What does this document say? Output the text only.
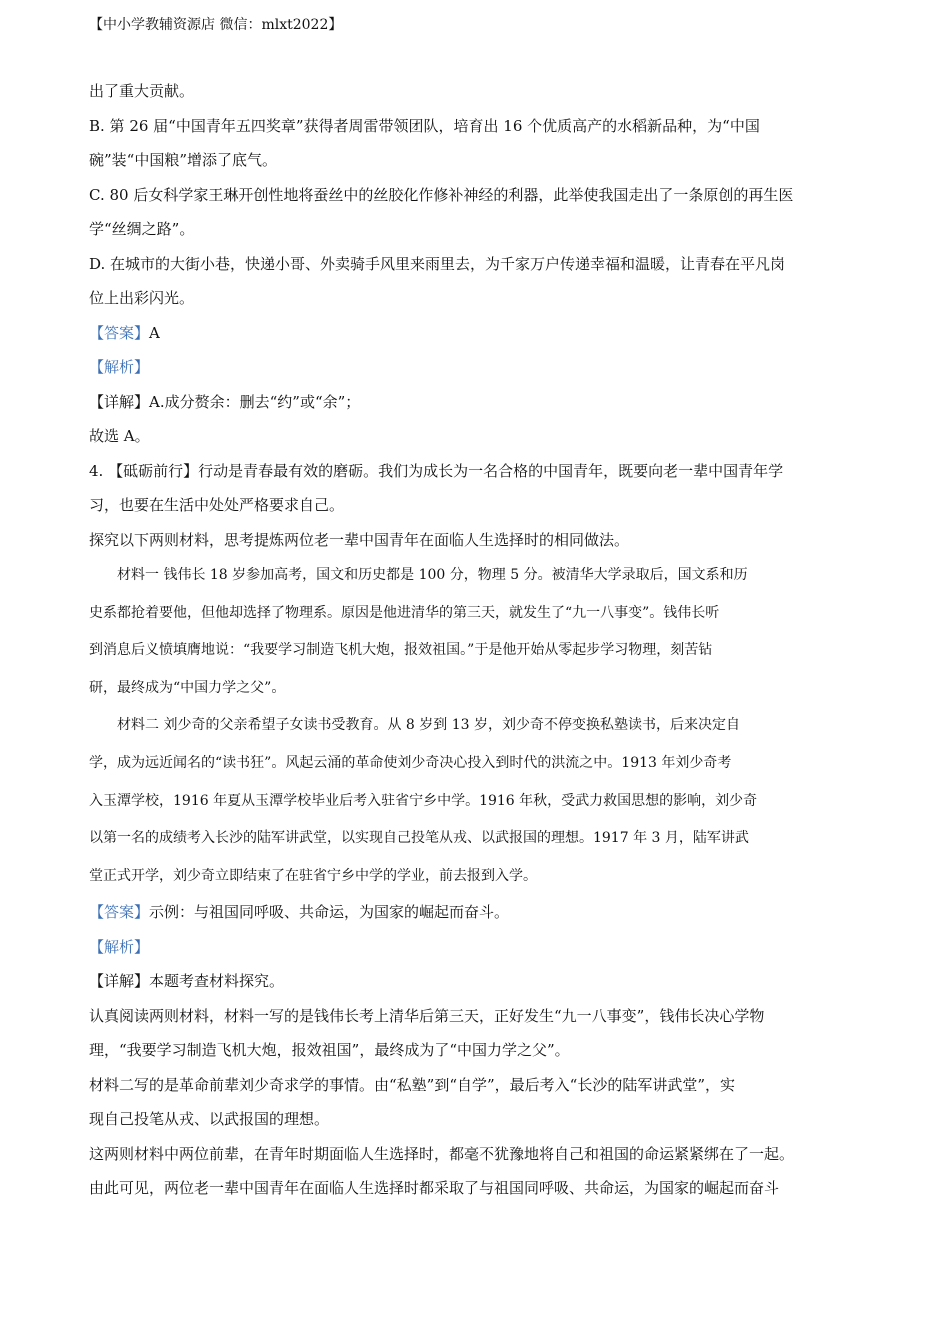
【中小学教辅资源店 微信：mlxt2022】

出了重大贡献。

B. 第 26 届“中国青年五四奖章”获得者周雷带领团队，培育出 16 个优质高产的水稻新品种，为“中国

碗”装“中国粮”增添了底气。

C. 80 后女科学家王琳开创性地将蚕丝中的丝胶化作修补神经的利器，此举使我国走出了一条原创的再生医

学“丝绸之路”。

D. 在城市的大街小巷，快递小哥、外卖骑手风里来雨里去，为千家万户传递幸福和温暖，让青春在平凡岗

位上出彩闪光。

【答案】A

【解析】

【详解】A.成分赘余：删去“约”或“余”；

故选 A。

4. 【砥砺前行】行动是青春最有效的磨砺。我们为成长为一名合格的中国青年，既要向老一辈中国青年学

习，也要在生活中处处严格要求自己。

探究以下两则材料，思考提炼两位老一辈中国青年在面临人生选择时的相同做法。

材料一 钱伟长 18 岁参加高考，国文和历史都是 100 分，物理 5 分。被清华大学录取后，国文系和历

史系都抢着要他，但他却选择了物理系。原因是他进清华的第三天，就发生了“九一八事变”。钱伟长听

到消息后义愤填膺地说：“我要学习制造飞机大炮，报效祖国。”于是他开始从零起步学习物理，刻苦钻

研，最终成为“中国力学之父”。

材料二 刘少奇的父亲希望子女读书受教育。从 8 岁到 13 岁，刘少奇不停变换私塾读书，后来决定自

学，成为远近闻名的“读书狂”。风起云涌的革命使刘少奇决心投入到时代的洪流之中。1913 年刘少奇考

入玉潭学校，1916 年夏从玉潭学校毕业后考入驻省宁乡中学。1916 年秋，受武力救国思想的影响，刘少奇

以第一名的成绩考入长沙的陆军讲武堂，以实现自己投笔从戎、以武报国的理想。1917 年 3 月，陆军讲武

堂正式开学，刘少奇立即结束了在驻省宁乡中学的学业，前去报到入学。

【答案】示例：与祖国同呼吸、共命运，为国家的崛起而奋斗。

【解析】

【详解】本题考查材料探究。

认真阅读两则材料，材料一写的是钱伟长考上清华后第三天，正好发生“九一八事变”，钱伟长决心学物

理，“我要学习制造飞机大炮，报效祖国”，最终成为了“中国力学之父”。

材料二写的是革命前辈刘少奇求学的事情。由“私塾”到“自学”，最后考入“长沙的陆军讲武堂”，实

现自己投笔从戎、以武报国的理想。

这两则材料中两位前辈，在青年时期面临人生选择时，都毫不犹豫地将自己和祖国的命运紧紧绑在了一起。

由此可见，两位老一辈中国青年在面临人生选择时都采取了与祖国同呼吸、共命运，为国家的崛起而奋斗
